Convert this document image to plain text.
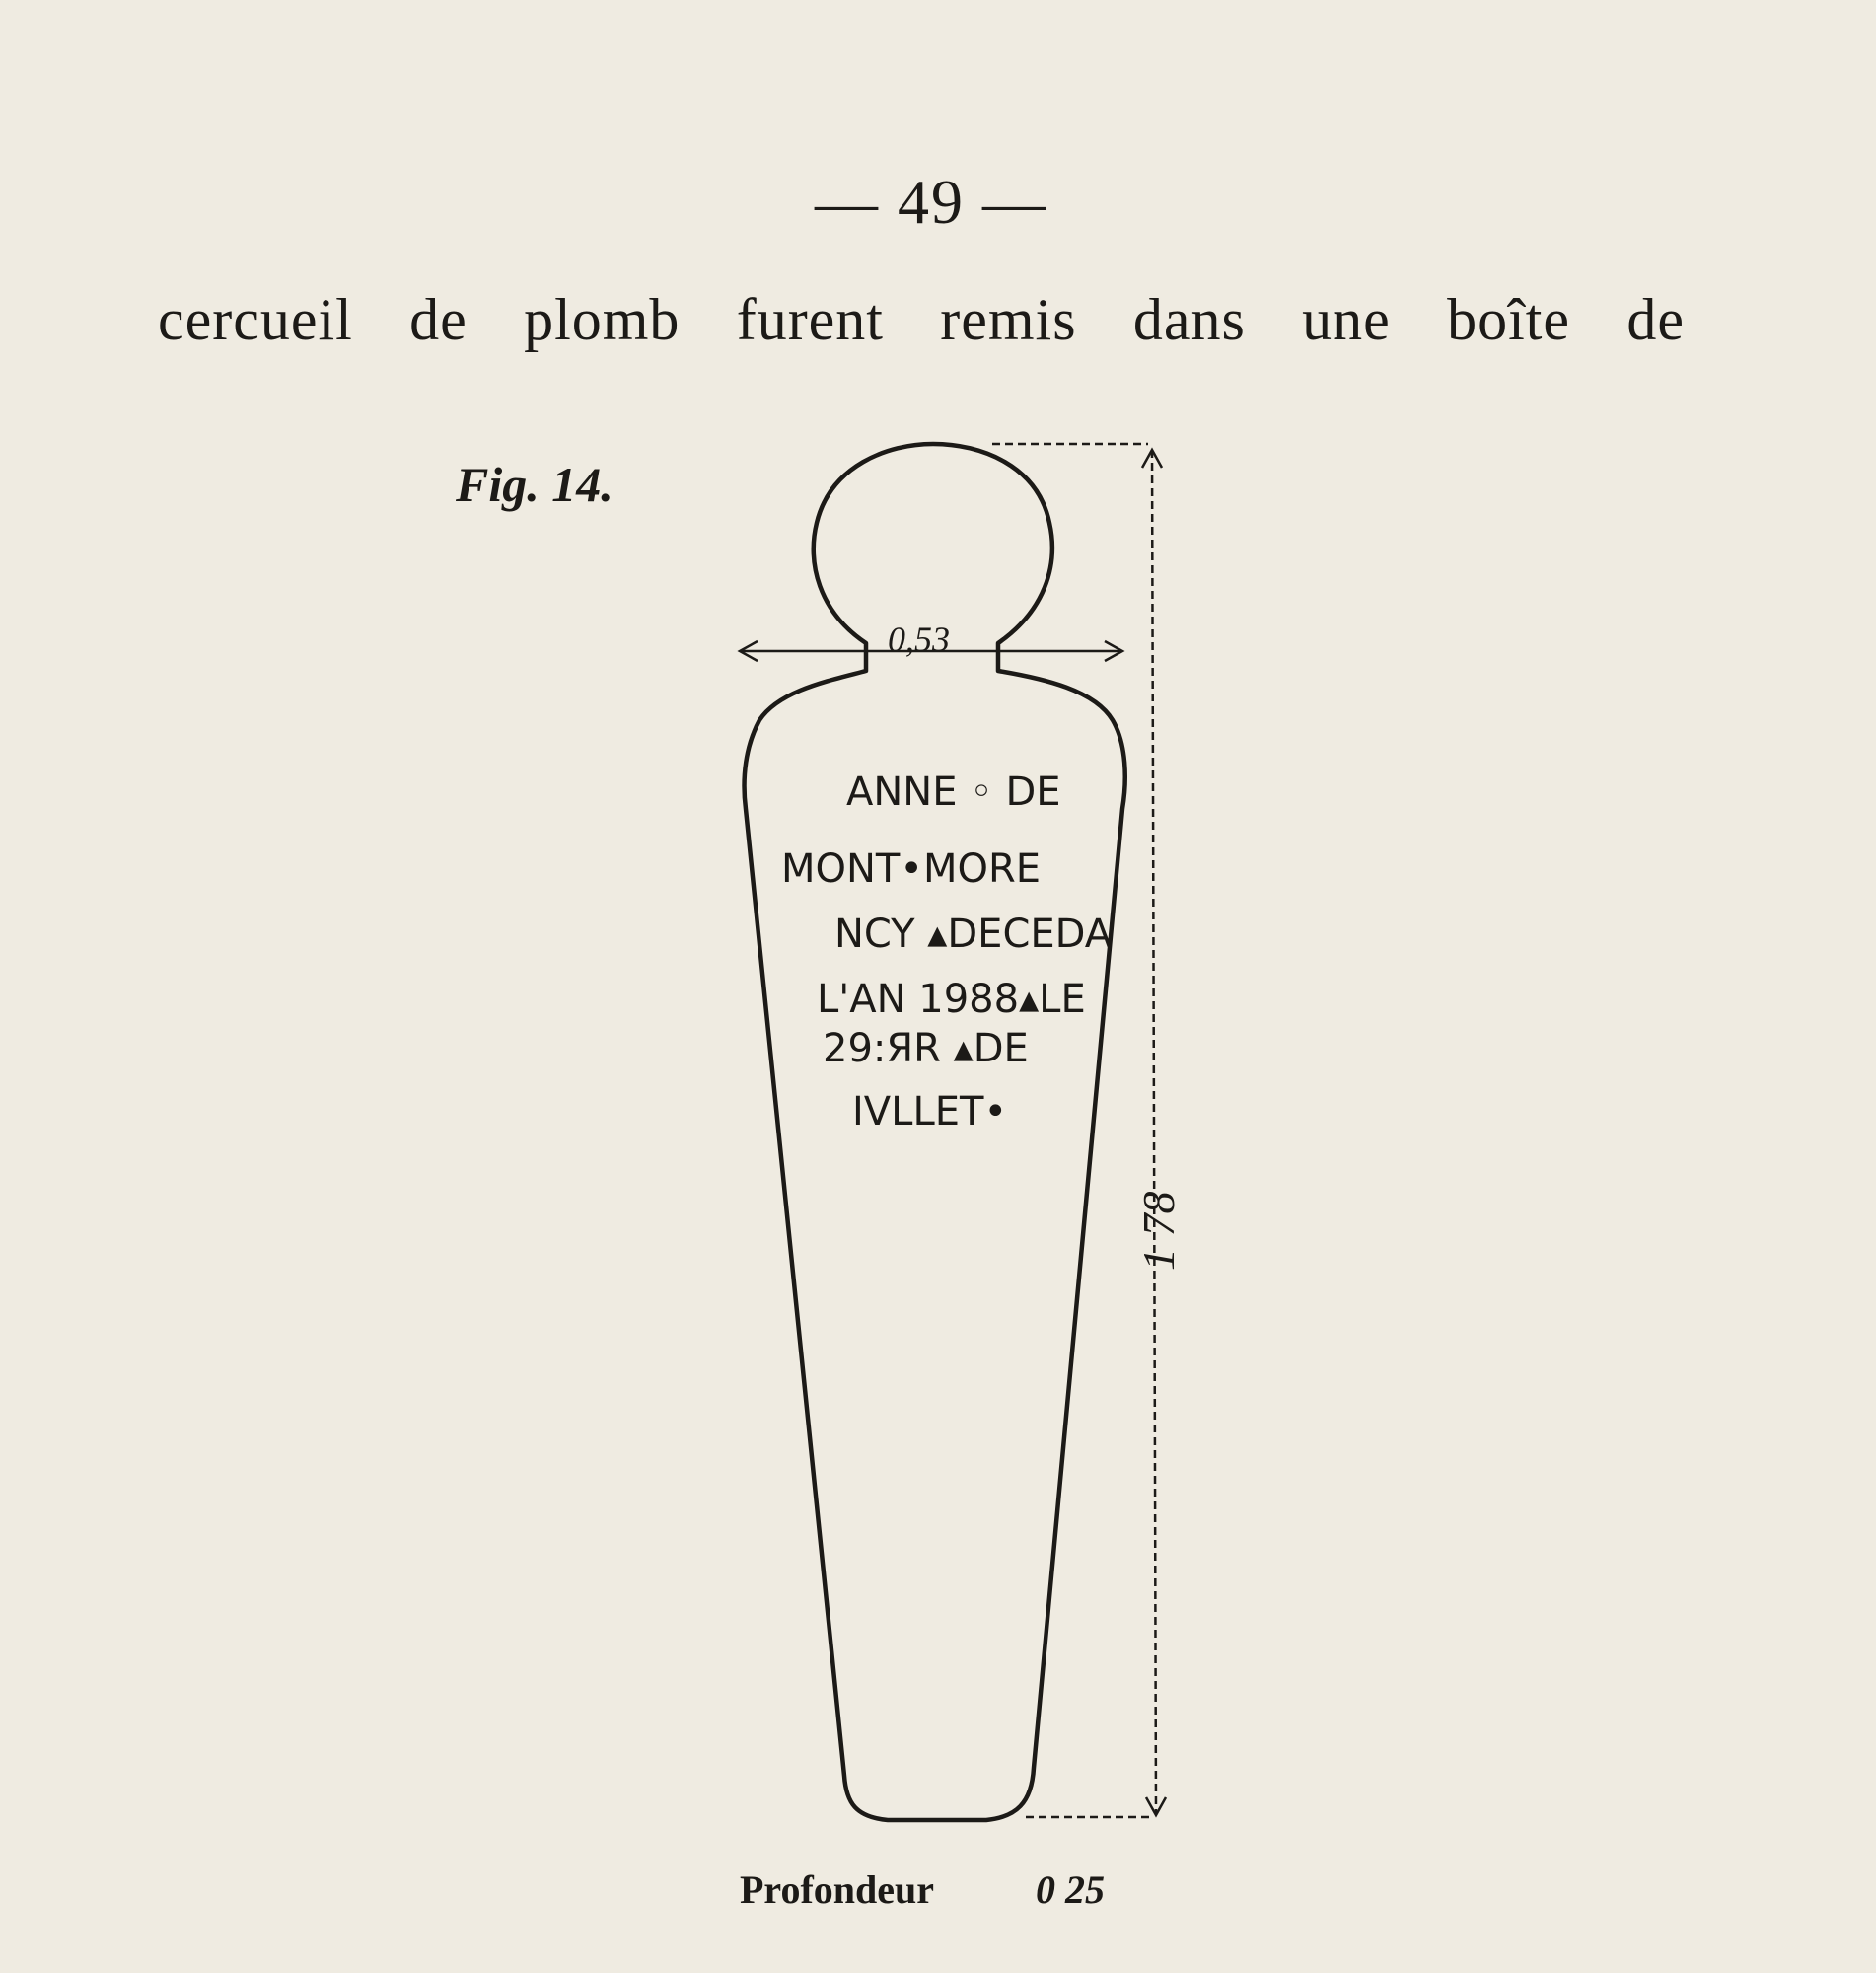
— 49 —
cercueil de plomb furent remis dans une boîte de
Fig. 14.
0,53
1 78
ANNE ◦ DE
MONT•MORE
NCY ▴DECEDA
L'AN 1988▴LE
29:ЯR ▴DE
IVLLET•
Profondeur	0 25
